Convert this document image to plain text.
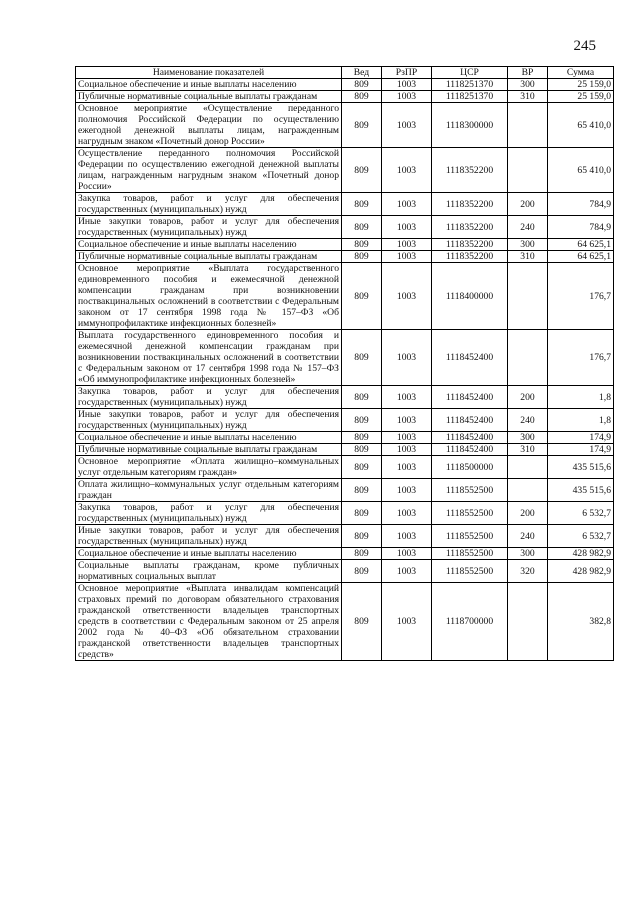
245
Наименование показателей	Вед	РзПР	ЦСР	ВР	Сумма
Социальное обеспечение и иные выплаты населению	809	1003	1118251370	300	25 159,0
Публичные нормативные социальные выплаты гражданам	809	1003	1118251370	310	25 159,0
Основное мероприятие «Осуществление переданного полномочия Российской Федерации по осуществлению ежегодной денежной выплаты лицам, награжденным нагрудным знаком «Почетный донор России»	809	1003	1118300000		65 410,0
Осуществление переданного полномочия Российской Федерации по осуществлению ежегодной денежной выплаты лицам, награжденным нагрудным знаком «Почетный донор России»	809	1003	1118352200		65 410,0
Закупка товаров, работ и услуг для обеспечения государственных (муниципальных) нужд	809	1003	1118352200	200	784,9
Иные закупки товаров, работ и услуг для обеспечения государственных (муниципальных) нужд	809	1003	1118352200	240	784,9
Социальное обеспечение и иные выплаты населению	809	1003	1118352200	300	64 625,1
Публичные нормативные социальные выплаты гражданам	809	1003	1118352200	310	64 625,1
Основное мероприятие «Выплата государственного единовременного пособия и ежемесячной денежной компенсации гражданам при возникновении поствакцинальных осложнений в соответствии с Федеральным законом от 17 сентября 1998 года № 157–ФЗ «Об иммунопрофилактике инфекционных болезней»	809	1003	1118400000		176,7
Выплата государственного единовременного пособия и ежемесячной денежной компенсации гражданам при возникновении поствакцинальных осложнений в соответствии с Федеральным законом от 17 сентября 1998 года № 157–ФЗ «Об иммунопрофилактике инфекционных болезней»	809	1003	1118452400		176,7
Закупка товаров, работ и услуг для обеспечения государственных (муниципальных) нужд	809	1003	1118452400	200	1,8
Иные закупки товаров, работ и услуг для обеспечения государственных (муниципальных) нужд	809	1003	1118452400	240	1,8
Социальное обеспечение и иные выплаты населению	809	1003	1118452400	300	174,9
Публичные нормативные социальные выплаты гражданам	809	1003	1118452400	310	174,9
Основное мероприятие «Оплата жилищно–коммунальных услуг отдельным категориям граждан»	809	1003	1118500000		435 515,6
Оплата жилищно–коммунальных услуг отдельным категориям граждан	809	1003	1118552500		435 515,6
Закупка товаров, работ и услуг для обеспечения государственных (муниципальных) нужд	809	1003	1118552500	200	6 532,7
Иные закупки товаров, работ и услуг для обеспечения государственных (муниципальных) нужд	809	1003	1118552500	240	6 532,7
Социальное обеспечение и иные выплаты населению	809	1003	1118552500	300	428 982,9
Социальные выплаты гражданам, кроме публичных нормативных социальных выплат	809	1003	1118552500	320	428 982,9
Основное мероприятие «Выплата инвалидам компенсаций страховых премий по договорам обязательного страхования гражданской ответственности владельцев транспортных средств в соответствии с Федеральным законом от 25 апреля 2002 года № 40–ФЗ «Об обязательном страховании гражданской ответственности владельцев транспортных средств»	809	1003	1118700000		382,8
